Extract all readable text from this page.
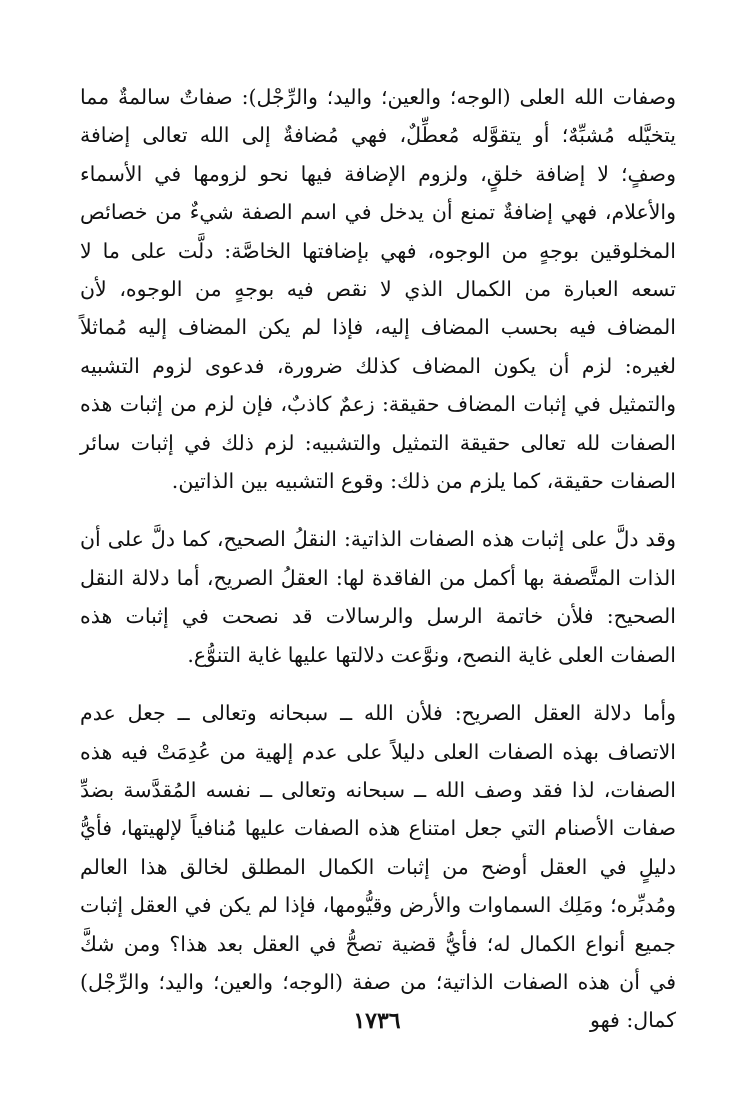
وصفات الله العلى (الوجه؛ والعين؛ واليد؛ والرِّجْل): صفاتٌ سالمةٌ مما يتخيَّله مُشبِّهٌ؛ أو يتقوَّله مُعطِّلٌ، فهي مُضافةٌ إلى الله تعالى إضافة وصفٍ؛ لا إضافة خلقٍ، ولزوم الإضافة فيها نحو لزومها في الأسماء والأعلام، فهي إضافةٌ تمنع أن يدخل في اسم الصفة شيءٌ من خصائص المخلوقين بوجهٍ من الوجوه، فهي بإضافتها الخاصَّة: دلَّت على ما لا تسعه العبارة من الكمال الذي لا نقص فيه بوجهٍ من الوجوه، لأن المضاف فيه بحسب المضاف إليه، فإذا لم يكن المضاف إليه مُماثلاً لغيره: لزم أن يكون المضاف كذلك ضرورة، فدعوى لزوم التشبيه والتمثيل في إثبات المضاف حقيقة: زعمٌ كاذبٌ، فإن لزم من إثبات هذه الصفات لله تعالى حقيقة التمثيل والتشبيه: لزم ذلك في إثبات سائر الصفات حقيقة، كما يلزم من ذلك: وقوع التشبيه بين الذاتين.

وقد دلَّ على إثبات هذه الصفات الذاتية: النقلُ الصحيح، كما دلَّ على أن الذات المتَّصفة بها أكمل من الفاقدة لها: العقلُ الصريح، أما دلالة النقل الصحيح: فلأن خاتمة الرسل والرسالات قد نصحت في إثبات هذه الصفات العلى غاية النصح، ونوَّعت دلالتها عليها غاية التنوُّع.

وأما دلالة العقل الصريح: فلأن الله ــ سبحانه وتعالى ــ جعل عدم الاتصاف بهذه الصفات العلى دليلاً على عدم إلهية من عُدِمَتْ فيه هذه الصفات، لذا فقد وصف الله ــ سبحانه وتعالى ــ نفسه المُقدَّسة بضدِّ صفات الأصنام التي جعل امتناع هذه الصفات عليها مُنافياً لإلهيتها، فأيُّ دليلٍ في العقل أوضح من إثبات الكمال المطلق لخالق هذا العالم ومُدبِّره؛ ومَلِك السماوات والأرض وقيُّومها، فإذا لم يكن في العقل إثبات جميع أنواع الكمال له؛ فأيُّ قضية تصحُّ في العقل بعد هذا؟ ومن شكَّ في أن هذه الصفات الذاتية؛ من صفة (الوجه؛ والعين؛ واليد؛ والرِّجْل) كمال: فهو

١٧٣٦
